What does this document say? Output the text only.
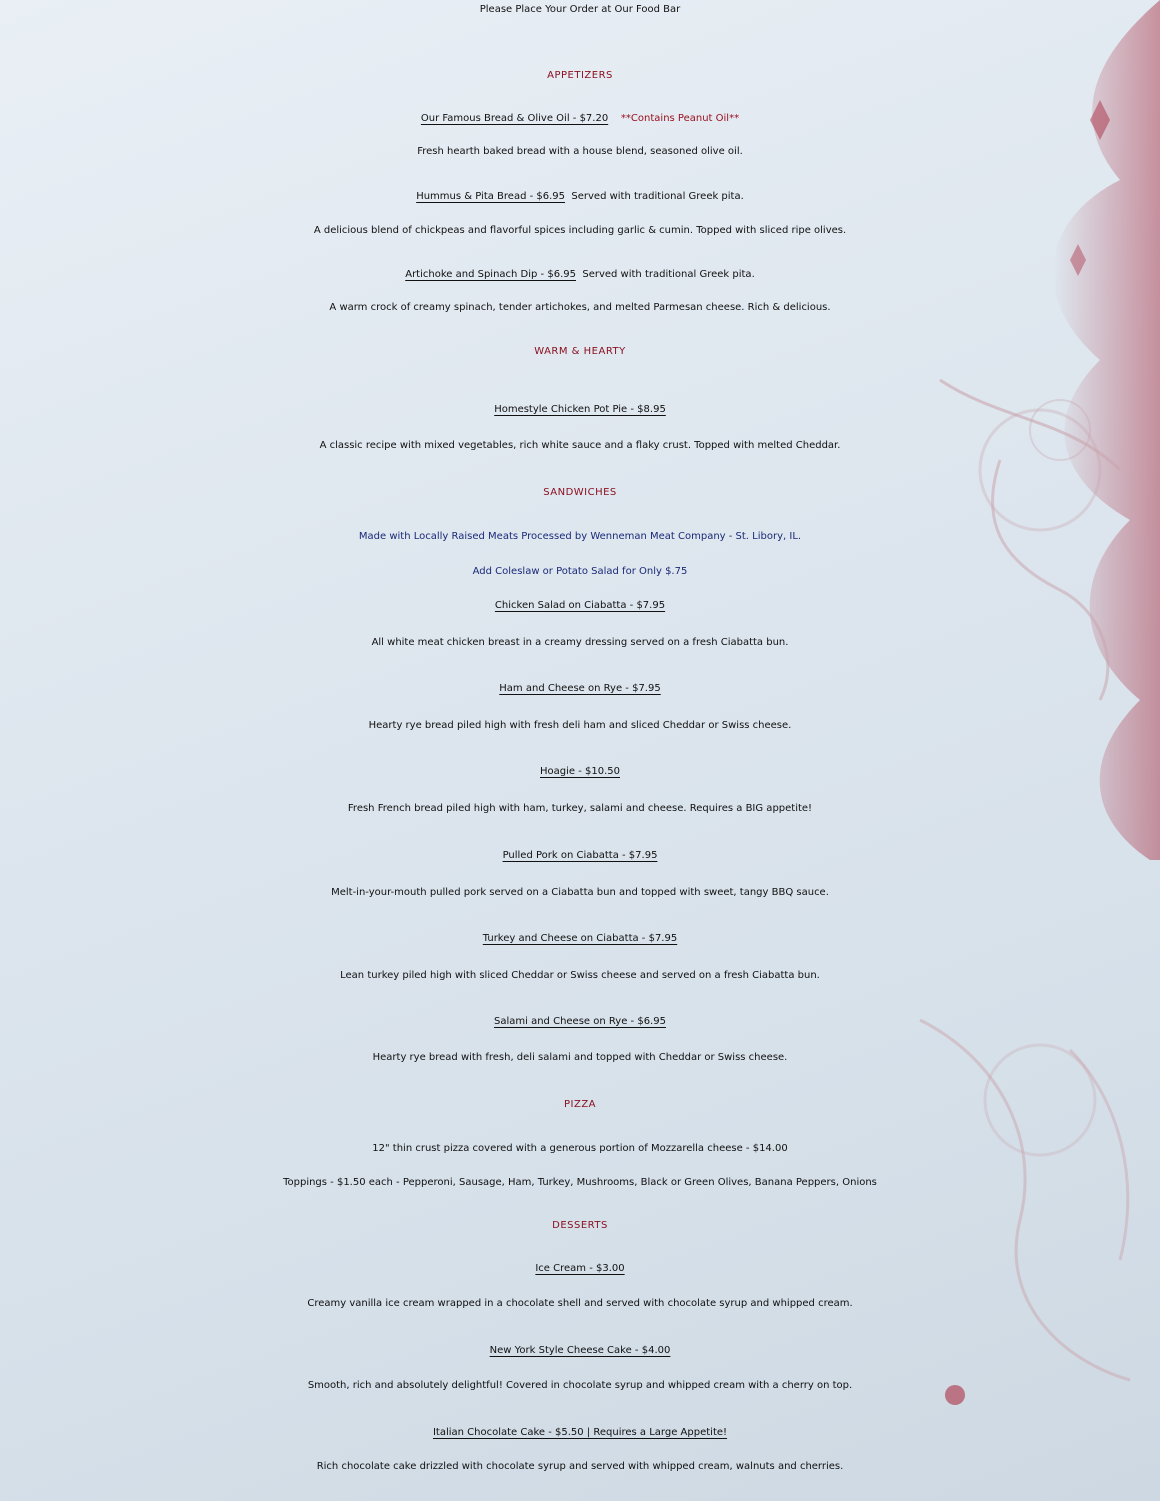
Please Place Your Order at Our Food Bar
APPETIZERS
Our Famous Bread & Olive Oil - $7.20 **Contains Peanut Oil**
Fresh hearth baked bread with a house blend, seasoned olive oil.
Hummus & Pita Bread - $6.95 Served with traditional Greek pita.
A delicious blend of chickpeas and flavorful spices including garlic & cumin. Topped with sliced ripe olives.
Artichoke and Spinach Dip - $6.95 Served with traditional Greek pita.
A warm crock of creamy spinach, tender artichokes, and melted Parmesan cheese. Rich & delicious.
WARM & HEARTY
Homestyle Chicken Pot Pie - $8.95
A classic recipe with mixed vegetables, rich white sauce and a flaky crust. Topped with melted Cheddar.
SANDWICHES
Made with Locally Raised Meats Processed by Wenneman Meat Company - St. Libory, IL.
Add Coleslaw or Potato Salad for Only $.75
Chicken Salad on Ciabatta - $7.95
All white meat chicken breast in a creamy dressing served on a fresh Ciabatta bun.
Ham and Cheese on Rye - $7.95
Hearty rye bread piled high with fresh deli ham and sliced Cheddar or Swiss cheese.
Hoagie - $10.50
Fresh French bread piled high with ham, turkey, salami and cheese. Requires a BIG appetite!
Pulled Pork on Ciabatta - $7.95
Melt-in-your-mouth pulled pork served on a Ciabatta bun and topped with sweet, tangy BBQ sauce.
Turkey and Cheese on Ciabatta - $7.95
Lean turkey piled high with sliced Cheddar or Swiss cheese and served on a fresh Ciabatta bun.
Salami and Cheese on Rye - $6.95
Hearty rye bread with fresh, deli salami and topped with Cheddar or Swiss cheese.
PIZZA
12" thin crust pizza covered with a generous portion of Mozzarella cheese - $14.00
Toppings - $1.50 each - Pepperoni, Sausage, Ham, Turkey, Mushrooms, Black or Green Olives, Banana Peppers, Onions
DESSERTS
Ice Cream - $3.00
Creamy vanilla ice cream wrapped in a chocolate shell and served with chocolate syrup and whipped cream.
New York Style Cheese Cake - $4.00
Smooth, rich and absolutely delightful! Covered in chocolate syrup and whipped cream with a cherry on top.
Italian Chocolate Cake - $5.50 | Requires a Large Appetite!
Rich chocolate cake drizzled with chocolate syrup and served with whipped cream, walnuts and cherries.
